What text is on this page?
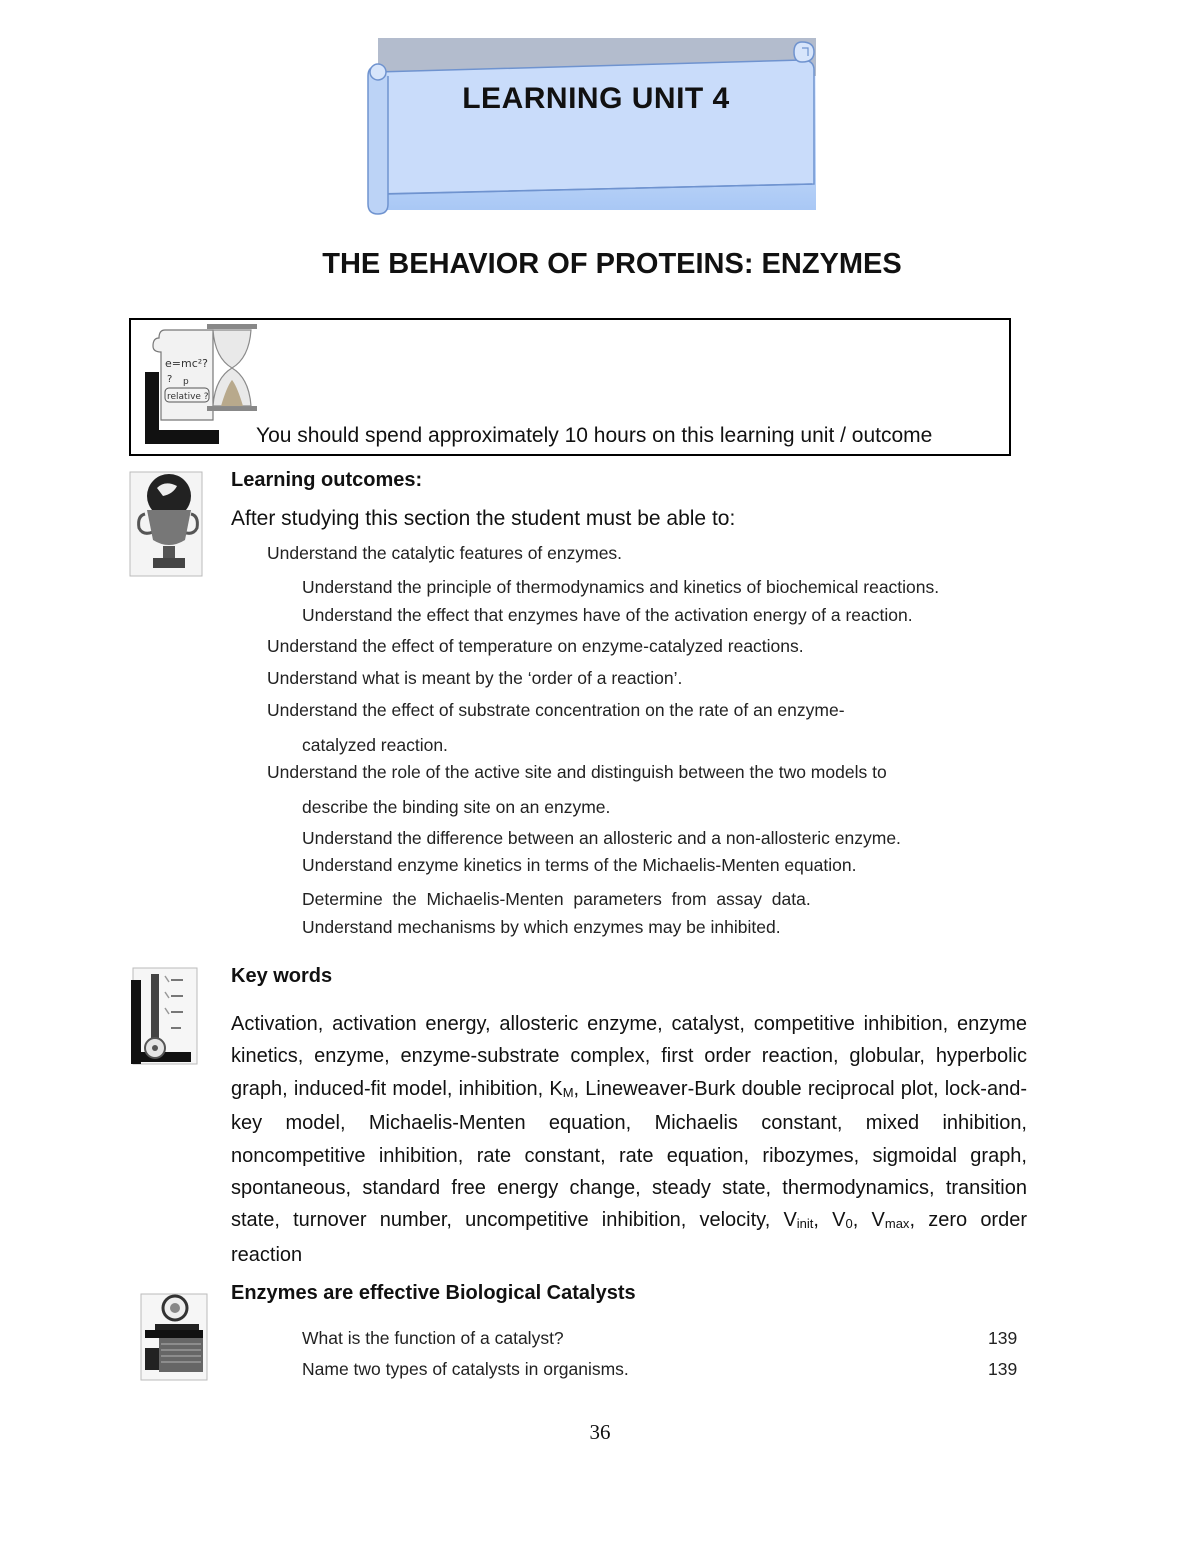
LEARNING UNIT 4
THE BEHAVIOR OF PROTEINS: ENZYMES
e=mc²?
? p
relative ?
You should spend approximately 10 hours on this learning unit / outcome
Learning outcomes:
After studying this section the student must be able to:
Understand the catalytic features of enzymes.
Understand the principle of thermodynamics and kinetics of biochemical reactions.
Understand the effect that enzymes have of the activation energy of a reaction.
Understand the effect of temperature on enzyme-catalyzed reactions.
Understand what is meant by the ‘order of a reaction’.
Understand the effect of substrate concentration on the rate of an enzyme-
catalyzed reaction.
Understand the role of the active site and distinguish between the two models to
describe the binding site on an enzyme.
Understand the difference between an allosteric and a non-allosteric enzyme.
Understand enzyme kinetics in terms of the Michaelis-Menten equation.
Determine  the  Michaelis-Menten  parameters  from  assay  data.
Understand mechanisms by which enzymes may be inhibited.
Key words
Activation, activation energy, allosteric enzyme, catalyst, competitive inhibition, enzyme kinetics, enzyme, enzyme-substrate complex, first order reaction, globular, hyperbolic graph, induced-fit model, inhibition, $K_M$, Lineweaver-Burk double reciprocal plot, lock-and-key model, Michaelis-Menten equation, Michaelis constant, mixed inhibition, noncompetitive inhibition, rate constant, rate equation, ribozymes, sigmoidal graph, spontaneous, standard free energy change, steady state, thermodynamics, transition state, turnover number, uncompetitive inhibition, velocity, $V_{init}$, $V_0$, $V_{max}$, zero order reaction
Enzymes are effective Biological Catalysts
What is the function of a catalyst?	139
Name two types of catalysts in organisms.	139
36
